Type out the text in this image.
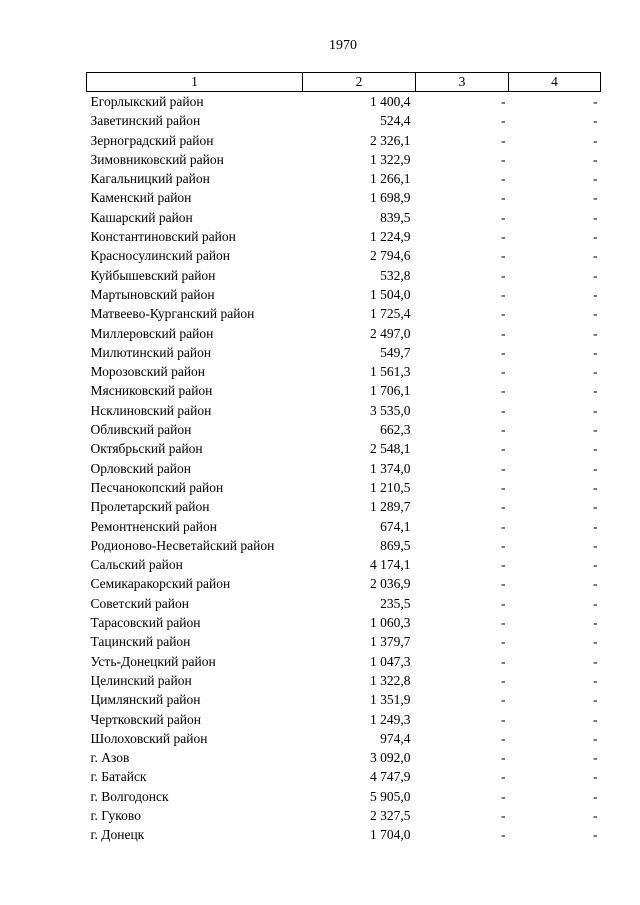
1970
1	2	3	4
Егорлыкский район	1 400,4	-	-
Заветинский район	524,4	-	-
Зерноградский район	2 326,1	-	-
Зимовниковский район	1 322,9	-	-
Кагальницкий район	1 266,1	-	-
Каменский район	1 698,9	-	-
Кашарский район	839,5	-	-
Константиновский район	1 224,9	-	-
Красносулинский район	2 794,6	-	-
Куйбышевский район	532,8	-	-
Мартыновский район	1 504,0	-	-
Матвеево-Курганский район	1 725,4	-	-
Миллеровский район	2 497,0	-	-
Милютинский район	549,7	-	-
Морозовский район	1 561,3	-	-
Мясниковский район	1 706,1	-	-
Нсклиновский район	3 535,0	-	-
Обливский район	662,3	-	-
Октябрьский район	2 548,1	-	-
Орловский район	1 374,0	-	-
Песчанокопский район	1 210,5	-	-
Пролетарский район	1 289,7	-	-
Ремонтненский район	674,1	-	-
Родионово-Несветайский район	869,5	-	-
Сальский район	4 174,1	-	-
Семикаракорский район	2 036,9	-	-
Советский район	235,5	-	-
Тарасовский район	1 060,3	-	-
Тацинский район	1 379,7	-	-
Усть-Донецкий район	1 047,3	-	-
Целинский район	1 322,8	-	-
Цимлянский район	1 351,9	-	-
Чертковский район	1 249,3	-	-
Шолоховский район	974,4	-	-
г. Азов	3 092,0	-	-
г. Батайск	4 747,9	-	-
г. Волгодонск	5 905,0	-	-
г. Гуково	2 327,5	-	-
г. Донецк	1 704,0	-	-
